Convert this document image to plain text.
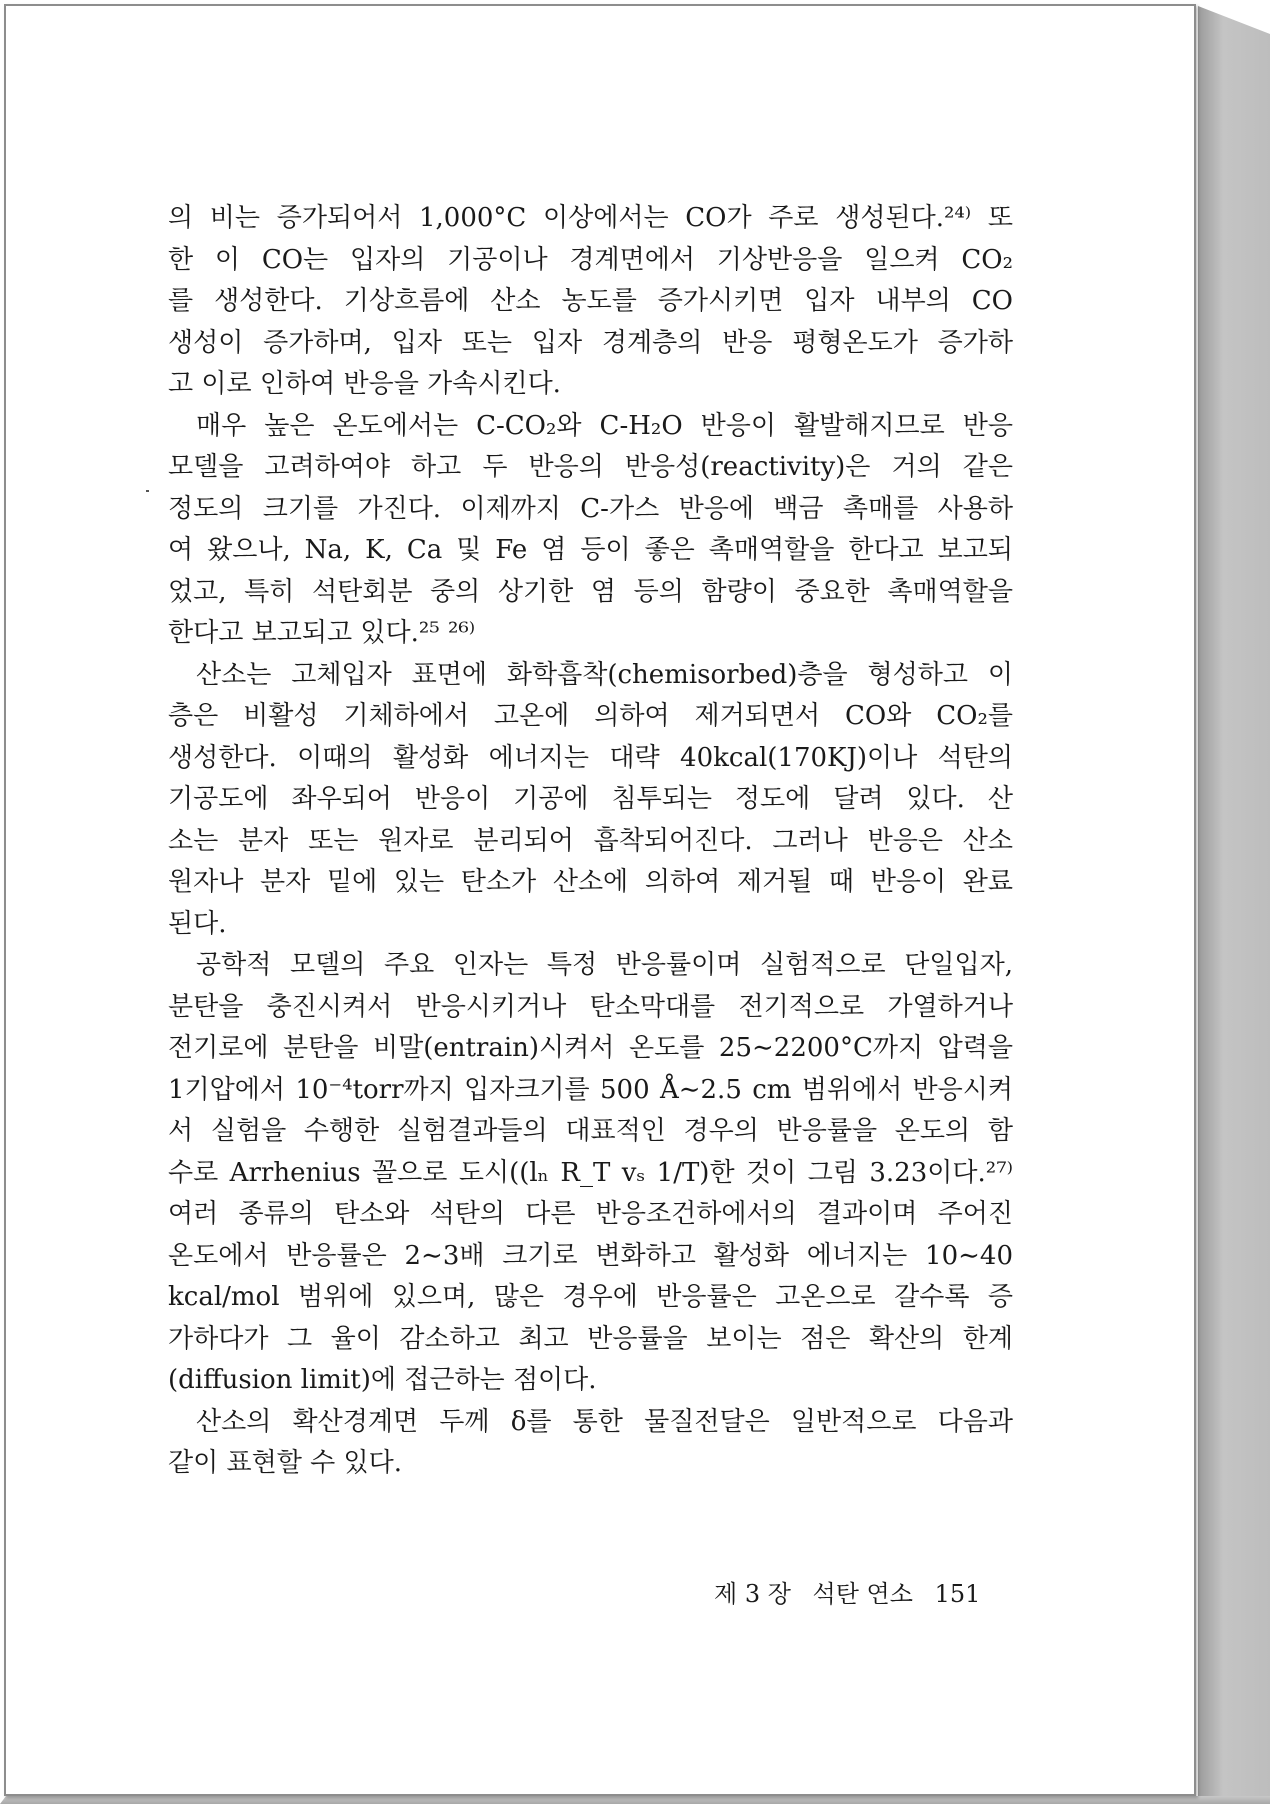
의 비는 증가되어서 1,000°C 이상에서는 CO가 주로 생성된다.²⁴⁾ 또
한 이 CO는 입자의 기공이나 경계면에서 기상반응을 일으켜 CO₂
를 생성한다. 기상흐름에 산소 농도를 증가시키면 입자 내부의 CO
생성이 증가하며, 입자 또는 입자 경계층의 반응 평형온도가 증가하
고 이로 인하여 반응을 가속시킨다.
매우 높은 온도에서는 C-CO₂와 C-H₂O 반응이 활발해지므로 반응
모델을 고려하여야 하고 두 반응의 반응성(reactivity)은 거의 같은
정도의 크기를 가진다. 이제까지 C-가스 반응에 백금 촉매를 사용하
여 왔으나, Na, K, Ca 및 Fe 염 등이 좋은 촉매역할을 한다고 보고되
었고, 특히 석탄회분 중의 상기한 염 등의 함량이 중요한 촉매역할을
한다고 보고되고 있다.²⁵ ²⁶⁾
산소는 고체입자 표면에 화학흡착(chemisorbed)층을 형성하고 이
층은 비활성 기체하에서 고온에 의하여 제거되면서 CO와 CO₂를
생성한다. 이때의 활성화 에너지는 대략 40kcal(170KJ)이나 석탄의
기공도에 좌우되어 반응이 기공에 침투되는 정도에 달려 있다. 산
소는 분자 또는 원자로 분리되어 흡착되어진다. 그러나 반응은 산소
원자나 분자 밑에 있는 탄소가 산소에 의하여 제거될 때 반응이 완료
된다.
공학적 모델의 주요 인자는 특정 반응률이며 실험적으로 단일입자,
분탄을 충진시켜서 반응시키거나 탄소막대를 전기적으로 가열하거나
전기로에 분탄을 비말(entrain)시켜서 온도를 25∼2200°C까지 압력을
1기압에서 10⁻⁴torr까지 입자크기를 500 Å∼2.5 cm 범위에서 반응시켜
서 실험을 수행한 실험결과들의 대표적인 경우의 반응률을 온도의 함
수로 Arrhenius 꼴으로 도시((lₙ R_T vₛ 1/T)한 것이 그림 3.23이다.²⁷⁾
여러 종류의 탄소와 석탄의 다른 반응조건하에서의 결과이며 주어진
온도에서 반응률은 2∼3배 크기로 변화하고 활성화 에너지는 10∼40
kcal/mol 범위에 있으며, 많은 경우에 반응률은 고온으로 갈수록 증
가하다가 그 율이 감소하고 최고 반응률을 보이는 점은 확산의 한계
(diffusion limit)에 접근하는 점이다.
산소의 확산경계면 두께 δ를 통한 물질전달은 일반적으로 다음과
같이 표현할 수 있다.
제 3 장 석탄 연소 151
